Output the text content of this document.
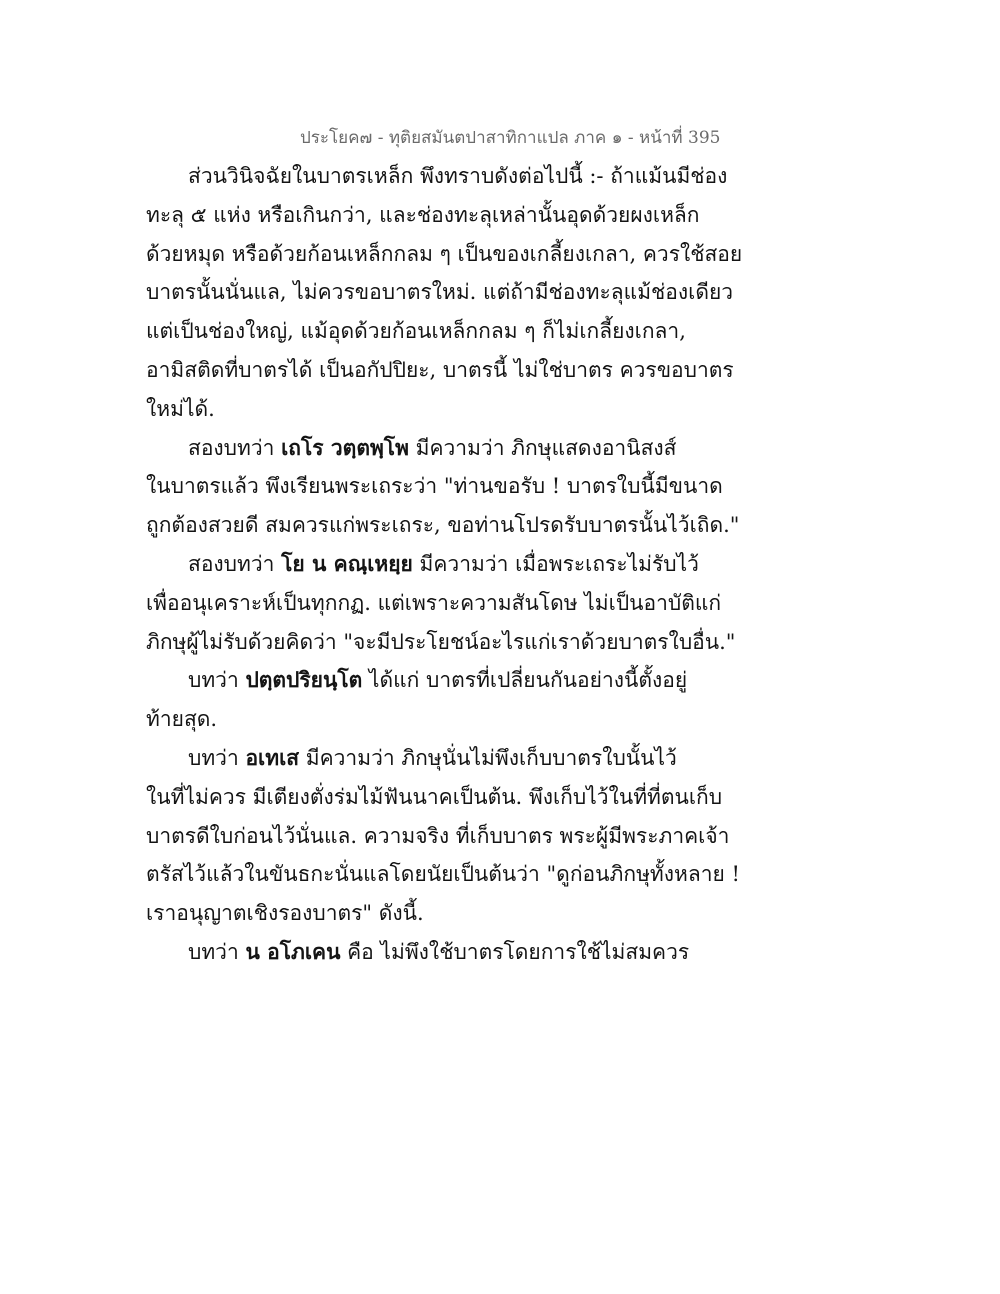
ประโยค๗ - ทุติยสมันตปาสาทิกาแปล ภาค ๑ - หน้าที่ 395
ส่วนวินิจฉัยในบาตรเหล็ก พึงทราบดังต่อไปนี้ :- ถ้าแม้นมีช่อง
ทะลุ ๕ แห่ง หรือเกินกว่า, และช่องทะลุเหล่านั้นอุดด้วยผงเหล็ก
ด้วยหมุด หรือด้วยก้อนเหล็กกลม ๆ เป็นของเกลี้ยงเกลา, ควรใช้สอย
บาตรนั้นนั่นแล, ไม่ควรขอบาตรใหม่. แต่ถ้ามีช่องทะลุแม้ช่องเดียว
แต่เป็นช่องใหญ่, แม้อุดด้วยก้อนเหล็กกลม ๆ ก็ไม่เกลี้ยงเกลา,
อามิสติดที่บาตรได้ เป็นอกัปปิยะ, บาตรนี้ ไม่ใช่บาตร ควรขอบาตร
ใหม่ได้.
สองบทว่า เถโร วตฺตพฺโพ มีความว่า ภิกษุแสดงอานิสงส์
ในบาตรแล้ว พึงเรียนพระเถระว่า "ท่านขอรับ ! บาตรใบนี้มีขนาด
ถูกต้องสวยดี สมควรแก่พระเถระ, ขอท่านโปรดรับบาตรนั้นไว้เถิด."
สองบทว่า โย น คณฺเหยฺย มีความว่า เมื่อพระเถระไม่รับไว้
เพื่ออนุเคราะห์เป็นทุกกฏ. แต่เพราะความสันโดษ ไม่เป็นอาบัติแก่
ภิกษุผู้ไม่รับด้วยคิดว่า "จะมีประโยชน์อะไรแก่เราด้วยบาตรใบอื่น."
บทว่า ปตฺตปริยนฺโต ได้แก่ บาตรที่เปลี่ยนกันอย่างนี้ตั้งอยู่
ท้ายสุด.
บทว่า อเทเส มีความว่า ภิกษุนั่นไม่พึงเก็บบาตรใบนั้นไว้
ในที่ไม่ควร มีเตียงตั่งร่มไม้ฟันนาคเป็นต้น. พึงเก็บไว้ในที่ที่ตนเก็บ
บาตรดีใบก่อนไว้นั่นแล. ความจริง ที่เก็บบาตร พระผู้มีพระภาคเจ้า
ตรัสไว้แล้วในขันธกะนั่นแลโดยนัยเป็นต้นว่า "ดูก่อนภิกษุทั้งหลาย !
เราอนุญาตเชิงรองบาตร" ดังนี้.
บทว่า น อโภเคน คือ ไม่พึงใช้บาตรโดยการใช้ไม่สมควร
